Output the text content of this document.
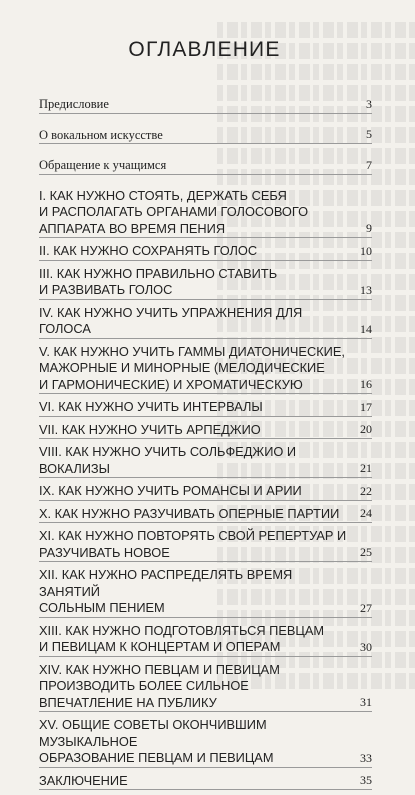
ОГЛАВЛЕНИЕ
Предисловие	3
О вокальном искусстве	5
Обращение к учащимся	7
I. КАК НУЖНО СТОЯТЬ, ДЕРЖАТЬ СЕБЯ
И РАСПОЛАГАТЬ ОРГАНАМИ ГОЛОСОВОГО
АППАРАТА ВО ВРЕМЯ ПЕНИЯ	9
II. КАК НУЖНО СОХРАНЯТЬ ГОЛОС	10
III. КАК НУЖНО ПРАВИЛЬНО СТАВИТЬ
И РАЗВИВАТЬ ГОЛОС	13
IV. КАК НУЖНО УЧИТЬ УПРАЖНЕНИЯ ДЛЯ ГОЛОСА	14
V. КАК НУЖНО УЧИТЬ ГАММЫ ДИАТОНИЧЕСКИЕ,
МАЖОРНЫЕ И МИНОРНЫЕ (МЕЛОДИЧЕСКИЕ
И ГАРМОНИЧЕСКИЕ) И ХРОМАТИЧЕСКУЮ	16
VI. КАК НУЖНО УЧИТЬ ИНТЕРВАЛЫ	17
VII. КАК НУЖНО УЧИТЬ АРПЕДЖИО	20
VIII. КАК НУЖНО УЧИТЬ СОЛЬФЕДЖИО И ВОКАЛИЗЫ	21
IX. КАК НУЖНО УЧИТЬ РОМАНСЫ И АРИИ	22
X. КАК НУЖНО РАЗУЧИВАТЬ ОПЕРНЫЕ ПАРТИИ	24
XI. КАК НУЖНО ПОВТОРЯТЬ СВОЙ РЕПЕРТУАР И
РАЗУЧИВАТЬ НОВОЕ	25
XII. КАК НУЖНО РАСПРЕДЕЛЯТЬ ВРЕМЯ ЗАНЯТИЙ
СОЛЬНЫМ ПЕНИЕМ	27
XIII. КАК НУЖНО ПОДГОТОВЛЯТЬСЯ ПЕВЦАМ
И ПЕВИЦАМ К КОНЦЕРТАМ И ОПЕРАМ	30
XIV. КАК НУЖНО ПЕВЦАМ И ПЕВИЦАМ
ПРОИЗВОДИТЬ БОЛЕЕ СИЛЬНОЕ
ВПЕЧАТЛЕНИЕ НА ПУБЛИКУ	31
XV. ОБЩИЕ СОВЕТЫ ОКОНЧИВШИМ МУЗЫКАЛЬНОЕ
ОБРАЗОВАНИЕ ПЕВЦАМ И ПЕВИЦАМ	33
ЗАКЛЮЧЕНИЕ	35
